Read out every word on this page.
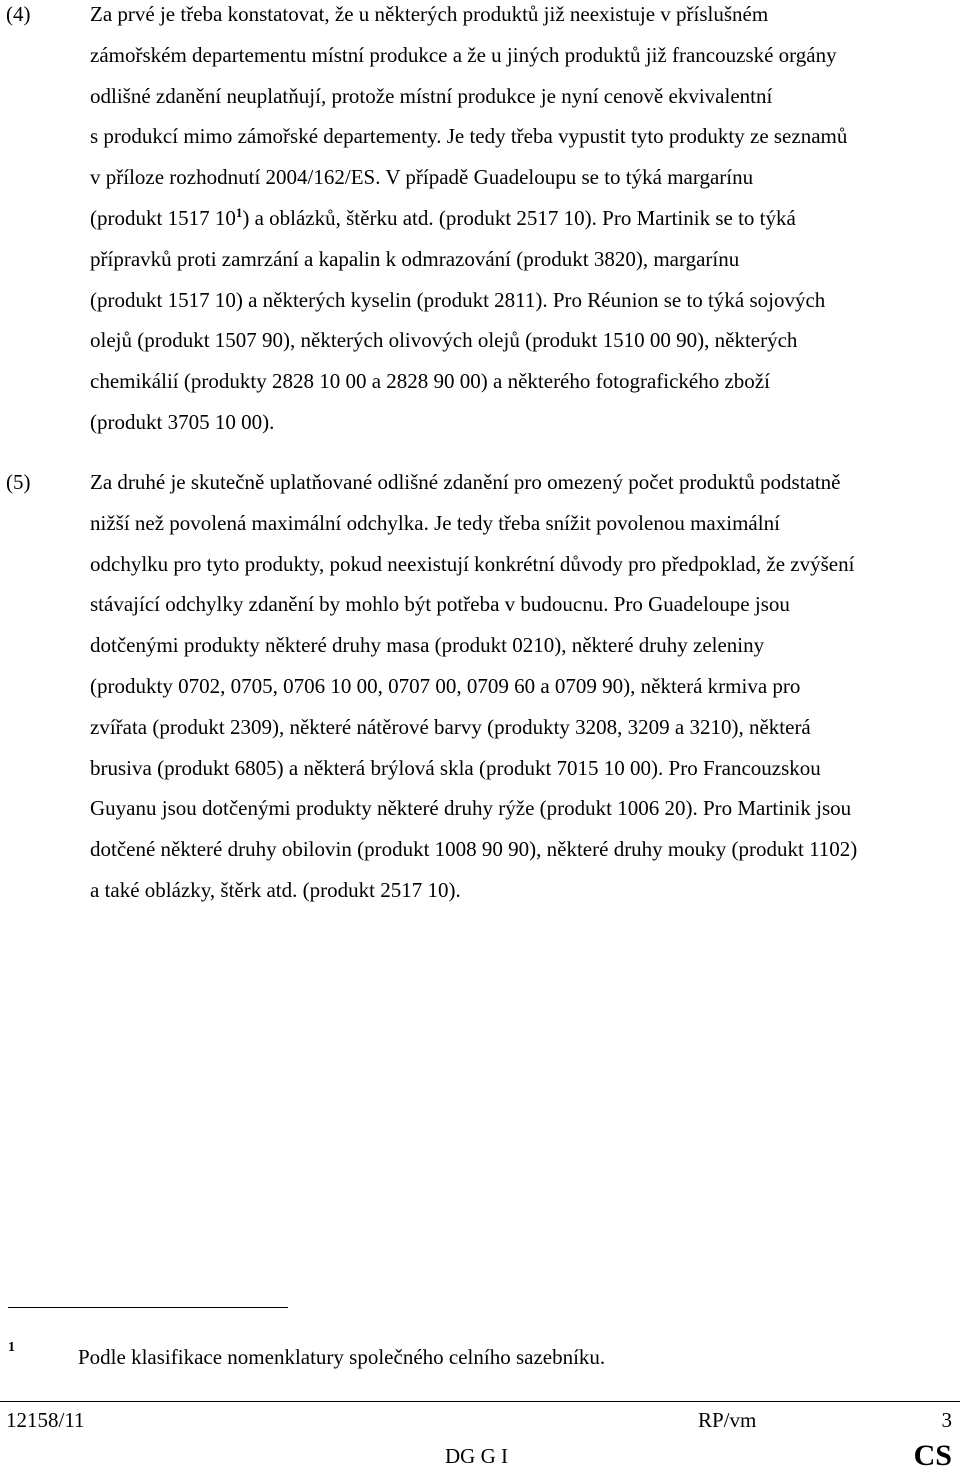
(4)	Za prvé je třeba konstatovat, že u některých produktů již neexistuje v příslušném
zámořském departementu místní produkce a že u jiných produktů již francouzské orgány
odlišné zdanění neuplatňují, protože místní produkce je nyní cenově ekvivalentní
s produkcí mimo zámořské departementy. Je tedy třeba vypustit tyto produkty ze seznamů
v příloze rozhodnutí 2004/162/ES. V případě Guadeloupu se to týká margarínu
(produkt 1517 $10^1$) a oblázků, štěrku atd. (produkt 2517 10). Pro Martinik se to týká
přípravků proti zamrzání a kapalin k odmrazování (produkt 3820), margarínu
(produkt 1517 10) a některých kyselin (produkt 2811). Pro Réunion se to týká sojových
olejů (produkt 1507 90), některých olivových olejů (produkt 1510 00 90), některých
chemikálií (produkty 2828 10 00 a 2828 90 00) a některého fotografického zboží
(produkt 3705 10 00).
(5)	Za druhé je skutečně uplatňované odlišné zdanění pro omezený počet produktů podstatně
nižší než povolená maximální odchylka. Je tedy třeba snížit povolenou maximální
odchylku pro tyto produkty, pokud neexistují konkrétní důvody pro předpoklad, že zvýšení
stávající odchylky zdanění by mohlo být potřeba v budoucnu. Pro Guadeloupe jsou
dotčenými produkty některé druhy masa (produkt 0210), některé druhy zeleniny
(produkty 0702, 0705, 0706 10 00, 0707 00, 0709 60 a 0709 90), některá krmiva pro
zvířata (produkt 2309), některé nátěrové barvy (produkty 3208, 3209 a 3210), některá
brusiva (produkt 6805) a některá brýlová skla (produkt 7015 10 00). Pro Francouzskou
Guyanu jsou dotčenými produkty některé druhy rýže (produkt 1006 20). Pro Martinik jsou
dotčené některé druhy obilovin (produkt 1008 90 90), některé druhy mouky (produkt 1102)
a také oblázky, štěrk atd. (produkt 2517 10).
1	Podle klasifikace nomenklatury společného celního sazebníku.
12158/11	RP/vm	3
DG G I	CS
